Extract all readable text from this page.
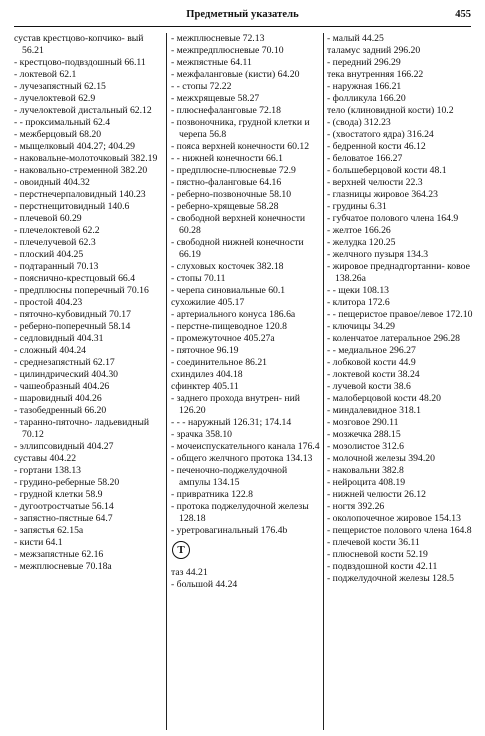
Предметный указатель	455

сустав крестцово-копчико- вый 56.21

- крестцово-подвздошный 66.11

- локтевой 62.1

- лучезапястный 62.15

- лучелоктевой 62.9

- лучелоктевой дистальный 62.12

- - проксимальный 62.4

- межберцовый 68.20

- мыщелковый 404.27; 404.29

- наковальне-молоточковый 382.19

- наковально-стременной 382.20

- овоидный 404.32

- перстнечерпаловидный 140.23

- перстнещитовидный 140.6

- плечевой 60.29

- плечелоктевой 62.2

- плечелучевой 62.3

- плоский 404.25

- подтаранный 70.13

- пояснично-крестцовый 66.4

- предплюсны поперечный 70.16

- простой 404.23

- пяточно-кубовидный 70.17

- реберно-поперечный 58.14

- седловидный 404.31

- сложный 404.24

- среднезапястный 62.17

- цилиндрический 404.30

- чашеобразный 404.26

- шаровидный 404.26

- тазобедренный 66.20

- таранно-пяточно- ладьевидный 70.12

- эллипсовидный 404.27

суставы 404.22

- гортани 138.13

- грудино-реберные 58.20

- грудной клетки 58.9

- дугоотростчатые 56.14

- запястно-пястные 64.7

- запястья 62.15a

- кисти 64.1

- межзапястные 62.16

- межплюсневые 70.18a

- межплюсневые 72.13

- межпредплюсневые 70.10

- межпястные 64.11

- межфаланговые (кисти) 64.20

- - стопы 72.22

- межхрящевые 58.27

- плюснефаланговые 72.18

- позвоночника, грудной клетки и черепа 56.8

- пояса верхней конечности 60.12

- - нижней конечности 66.1

- предплюсне-плюсневые 72.9

- пястно-фаланговые 64.16

- реберно-позвоночные 58.10

- реберно-хрящевые 58.28

- свободной верхней конечности 60.28

- свободной нижней конечности 66.19

- слуховых косточек 382.18

- стопы 70.11

- черепа синовиальные 60.1

сухожилие 405.17

- артериального конуса 186.6a

- перстне-пищеводное 120.8

- промежуточное 405.27a

- пяточное 96.19

- соединительное 86.21

схиндилез 404.18

сфинктер 405.11

- заднего прохода внутрен- ний 126.20

- - - наружный 126.31; 174.14

- зрачка 358.10

- мочеиспускательного канала 176.4

- общего желчного протока 134.13

- печеночно-поджелудочной ампулы 134.15

- привратника 122.8

- протока поджелудочной железы 128.18

- уретровагинальный 176.4b

Т

таз 44.21

- большой 44.24

- малый 44.25

таламус задний 296.20

- передний 296.29

тека внутренняя 166.22

- наружная 166.21

- фолликула 166.20

тело (клиновидной кости) 10.2

- (свода) 312.23

- (хвостатого ядра) 316.24

- бедренной кости 46.12

- беловатое 166.27

- большеберцовой кости 48.1

- верхней челюсти 22.3

- глазницы жировое 364.23

- грудины 6.31

- губчатое полового члена 164.9

- желтое 166.26

- желудка 120.25

- желчного пузыря 134.3

- жировое преднадгортанни- ковое 138.26a

- - щеки 108.13

- клитора 172.6

- - пещеристое правое/левое 172.10

- ключицы 34.29

- коленчатое латеральное 296.28

- - медиальное 296.27

- лобковой кости 44.9

- локтевой кости 38.24

- лучевой кости 38.6

- малоберцовой кости 48.20

- миндалевидное 318.1

- мозговое 290.11

- мозжечка 288.15

- мозолистое 312.6

- молочной железы 394.20

- наковальни 382.8

- нейроцита 408.19

- нижней челюсти 26.12

- ногтя 392.26

- околопочечное жировое 154.13

- пещеристое полового члена 164.8

- плечевой кости 36.11

- плюсневой кости 52.19

- подвздошной кости 42.11

- поджелудочной железы 128.5
